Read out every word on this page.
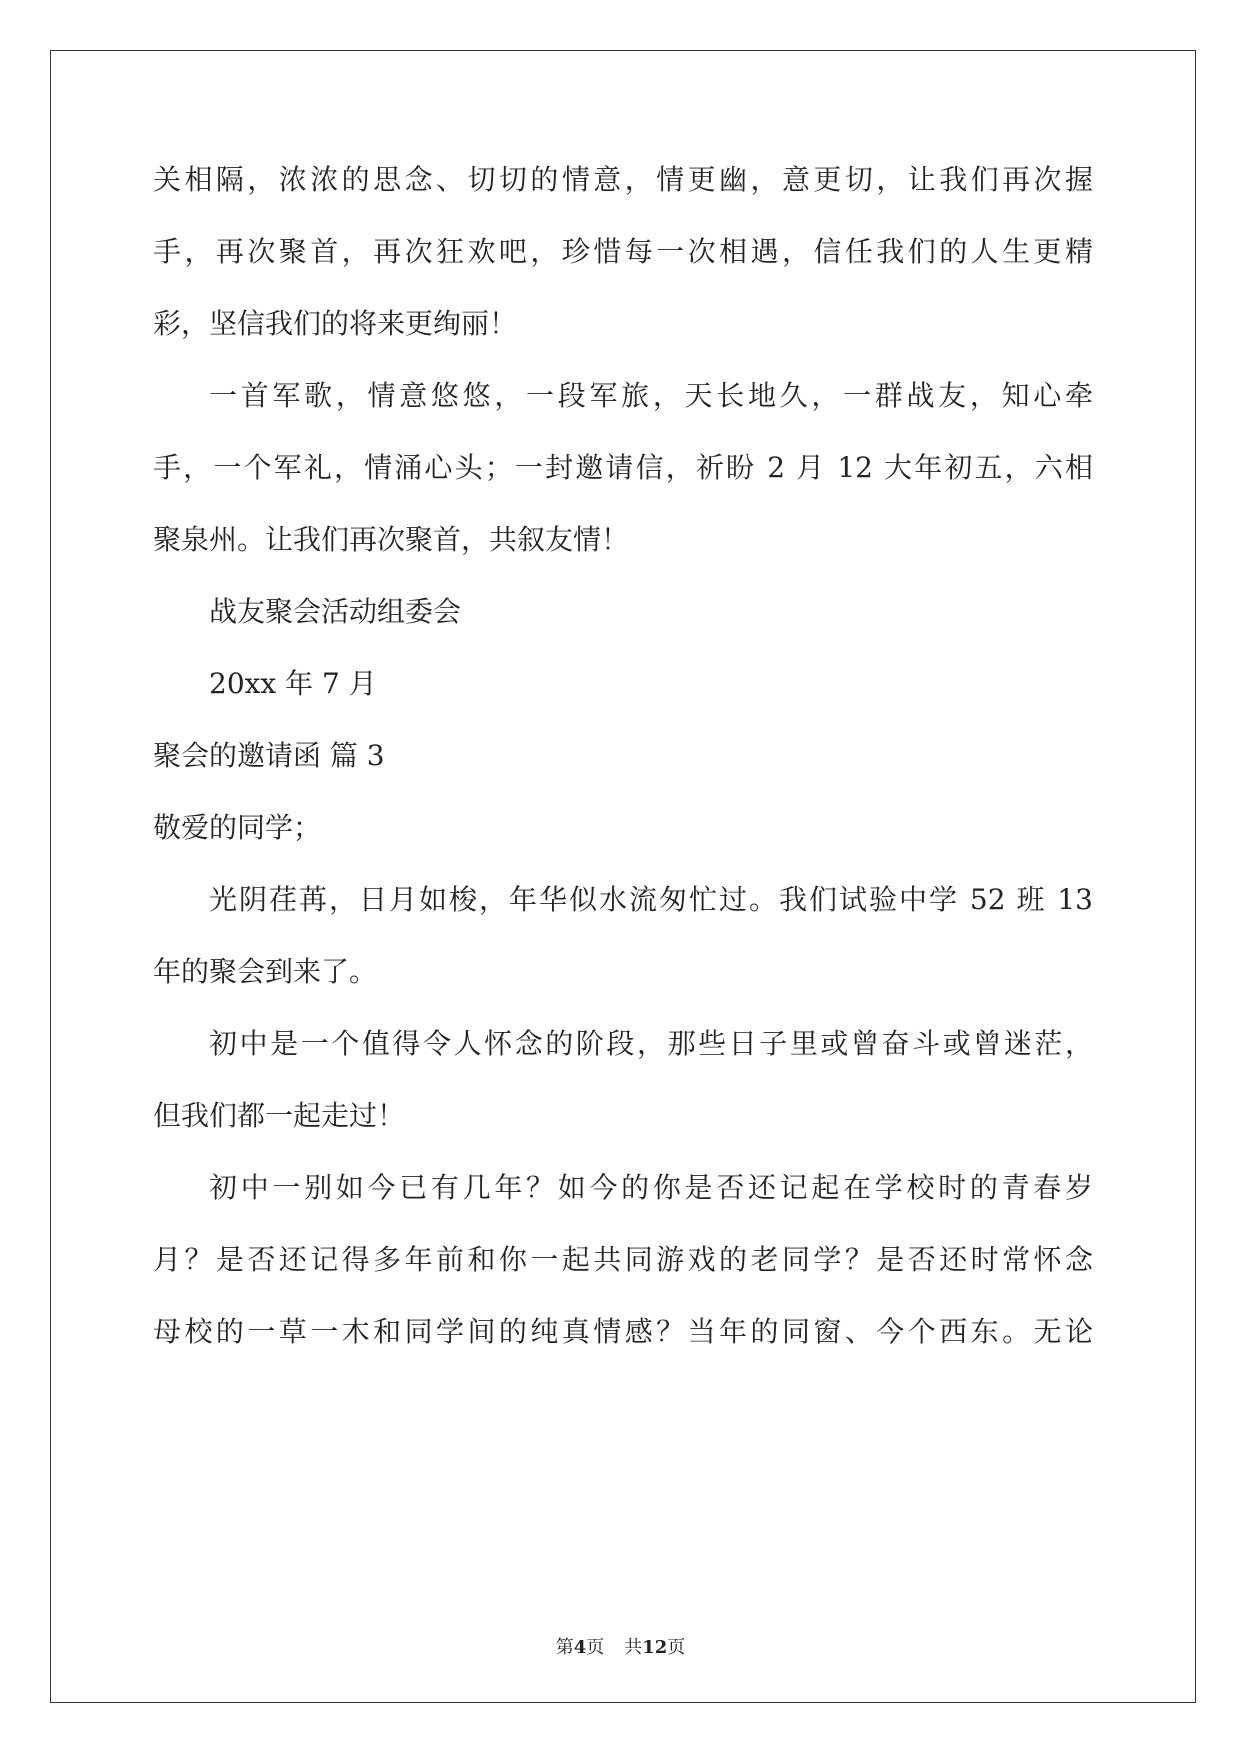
关相隔，浓浓的思念、切切的情意，情更幽，意更切，让我们再次握
手，再次聚首，再次狂欢吧，珍惜每一次相遇，信任我们的人生更精
彩，坚信我们的将来更绚丽！
一首军歌，情意悠悠，一段军旅，天长地久，一群战友，知心牵
手，一个军礼，情涌心头；一封邀请信，祈盼 2 月 12 大年初五，六相
聚泉州。让我们再次聚首，共叙友情！
战友聚会活动组委会
20xx 年 7 月
聚会的邀请函 篇 3
敬爱的同学；
光阴荏苒，日月如梭，年华似水流匆忙过。我们试验中学 52 班 13
年的聚会到来了。
初中是一个值得令人怀念的阶段，那些日子里或曾奋斗或曾迷茫，
但我们都一起走过！
初中一别如今已有几年？如今的你是否还记起在学校时的青春岁
月？是否还记得多年前和你一起共同游戏的老同学？是否还时常怀念
母校的一草一木和同学间的纯真情感？当年的同窗、今个西东。无论
第4页 共12页
